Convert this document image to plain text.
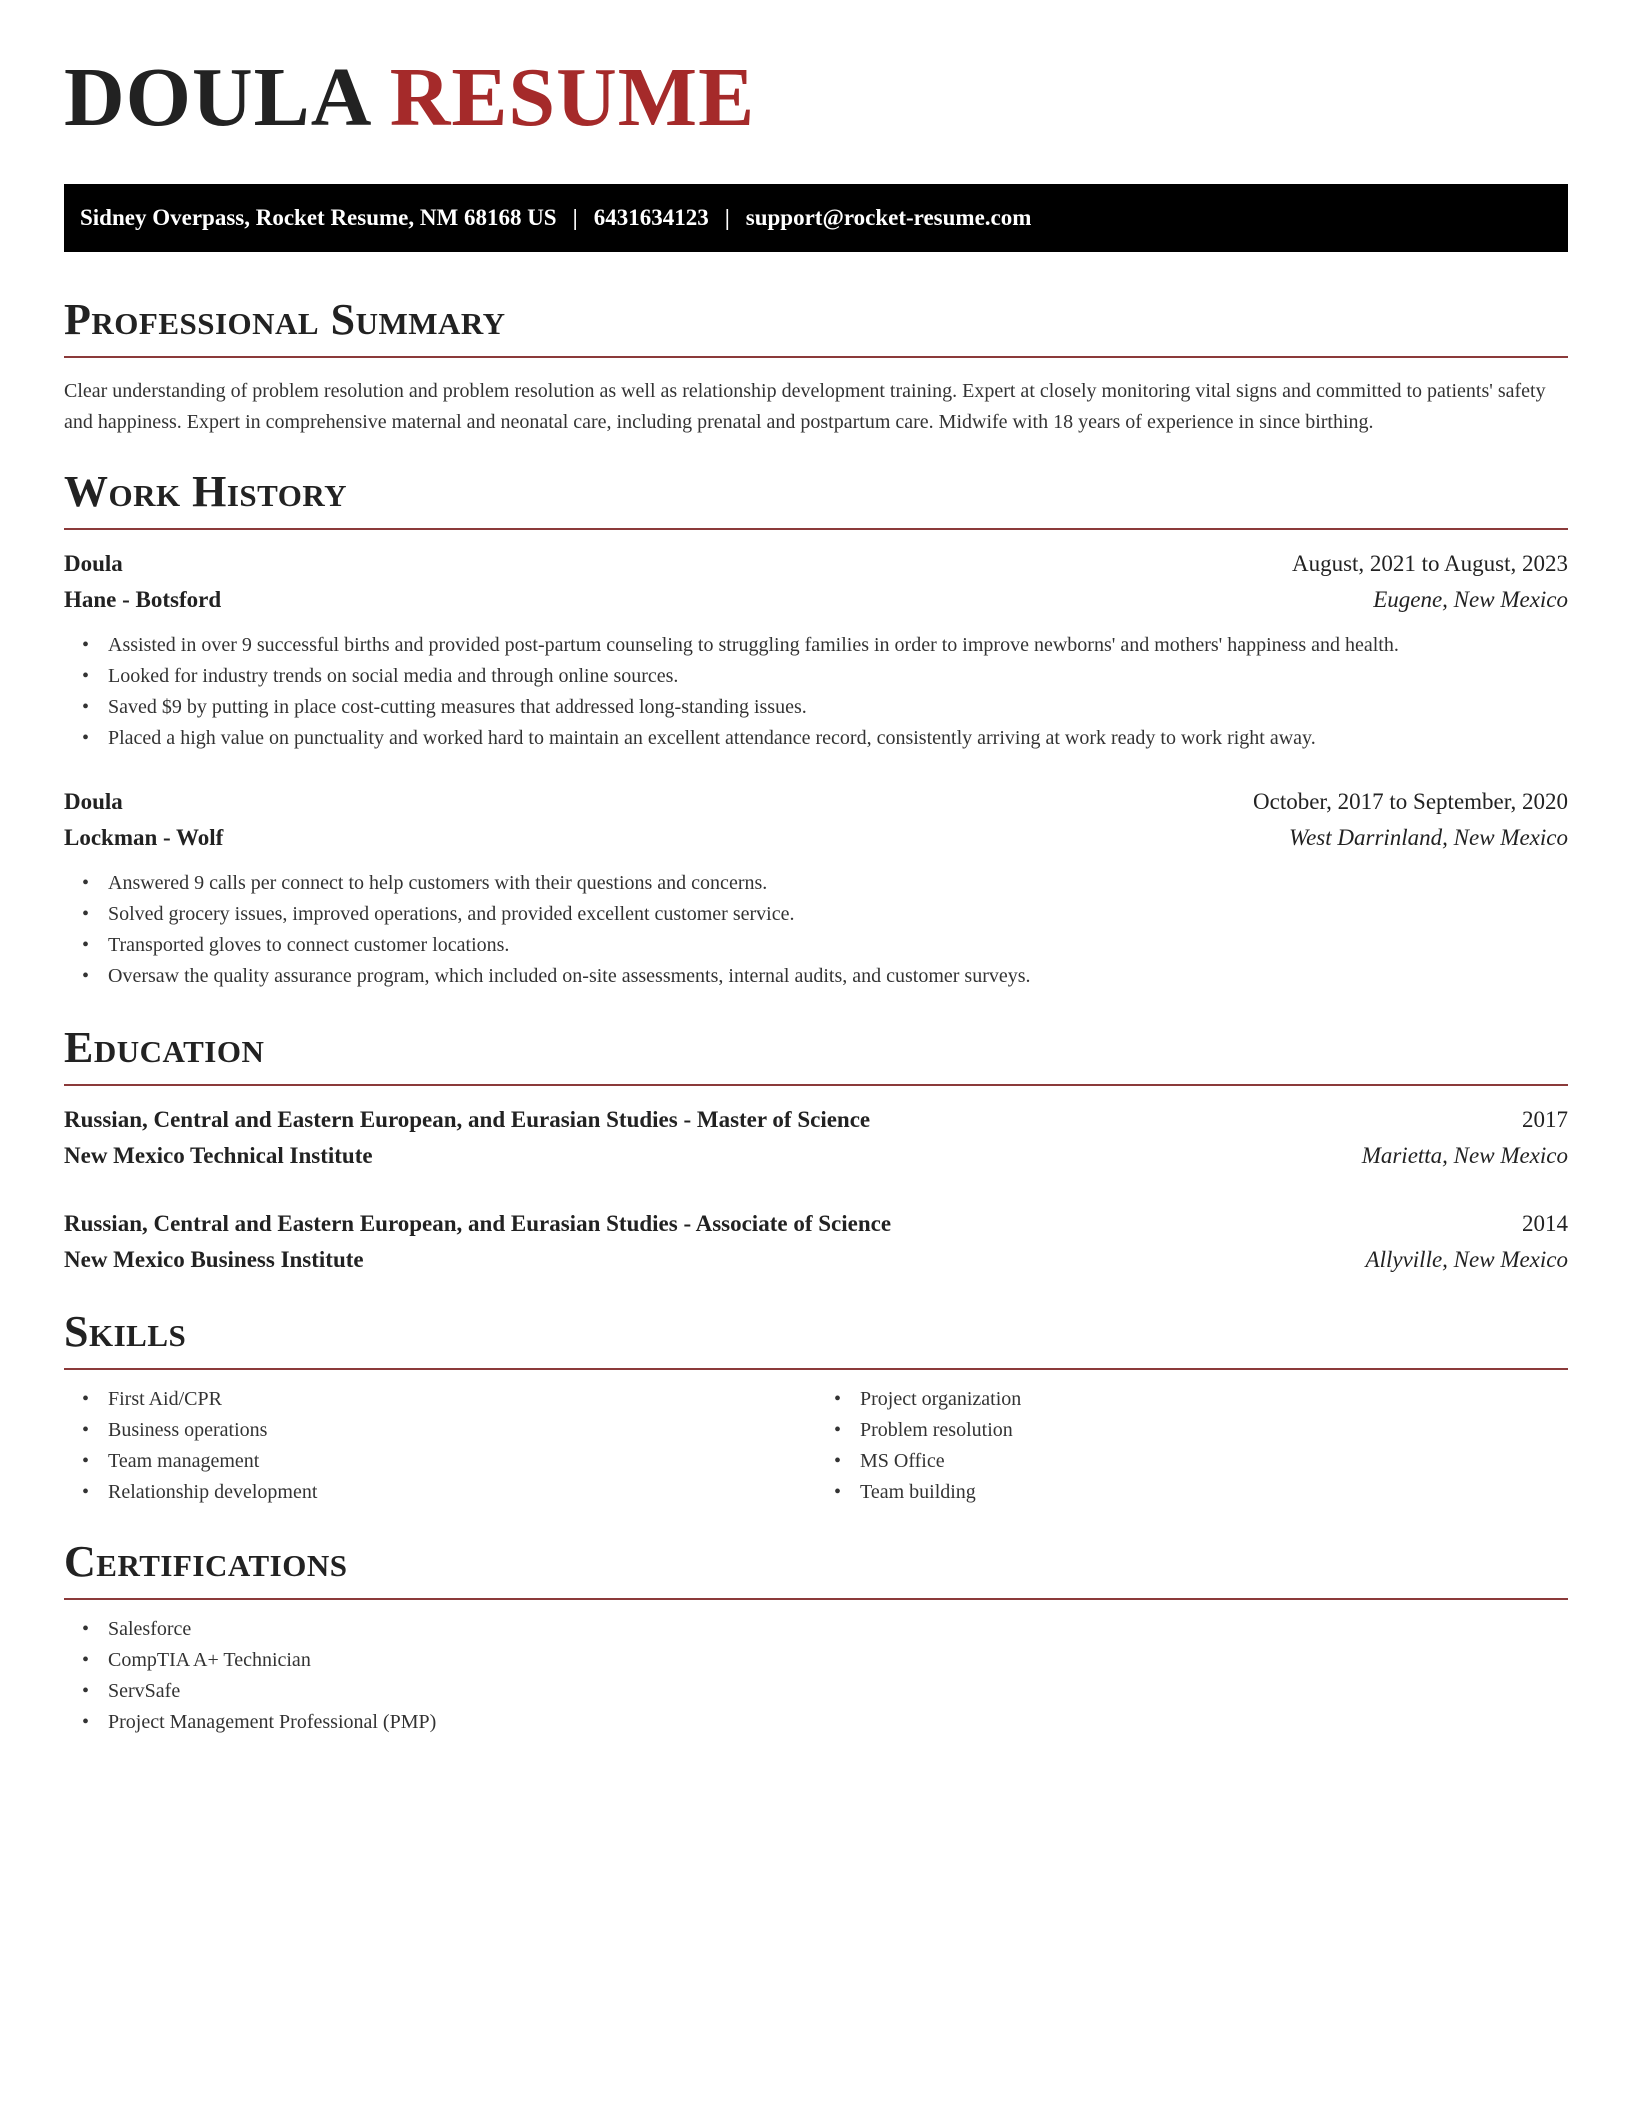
DOULA RESUME
Sidney Overpass, Rocket Resume, NM 68168 US | 6431634123 | support@rocket-resume.com
Professional Summary

Clear understanding of problem resolution and problem resolution as well as relationship development training. Expert at closely monitoring vital signs and committed to patients' safety and happiness. Expert in comprehensive maternal and neonatal care, including prenatal and postpartum care. Midwife with 18 years of experience in since birthing.

Work History
Doula	August, 2021 to August, 2023
Hane - Botsford	Eugene, New Mexico
• Assisted in over 9 successful births and provided post-partum counseling to struggling families in order to improve newborns' and mothers' happiness and health.
• Looked for industry trends on social media and through online sources.
• Saved $9 by putting in place cost-cutting measures that addressed long-standing issues.
• Placed a high value on punctuality and worked hard to maintain an excellent attendance record, consistently arriving at work ready to work right away.
Doula	October, 2017 to September, 2020
Lockman - Wolf	West Darrinland, New Mexico
• Answered 9 calls per connect to help customers with their questions and concerns.
• Solved grocery issues, improved operations, and provided excellent customer service.
• Transported gloves to connect customer locations.
• Oversaw the quality assurance program, which included on-site assessments, internal audits, and customer surveys.
Education
Russian, Central and Eastern European, and Eurasian Studies - Master of Science	2017
New Mexico Technical Institute	Marietta, New Mexico
Russian, Central and Eastern European, and Eurasian Studies - Associate of Science	2014
New Mexico Business Institute	Allyville, New Mexico
Skills
• First Aid/CPR
• Business operations
• Team management
• Relationship development
• Project organization
• Problem resolution
• MS Office
• Team building
Certifications
• Salesforce
• CompTIA A+ Technician
• ServSafe
• Project Management Professional (PMP)
